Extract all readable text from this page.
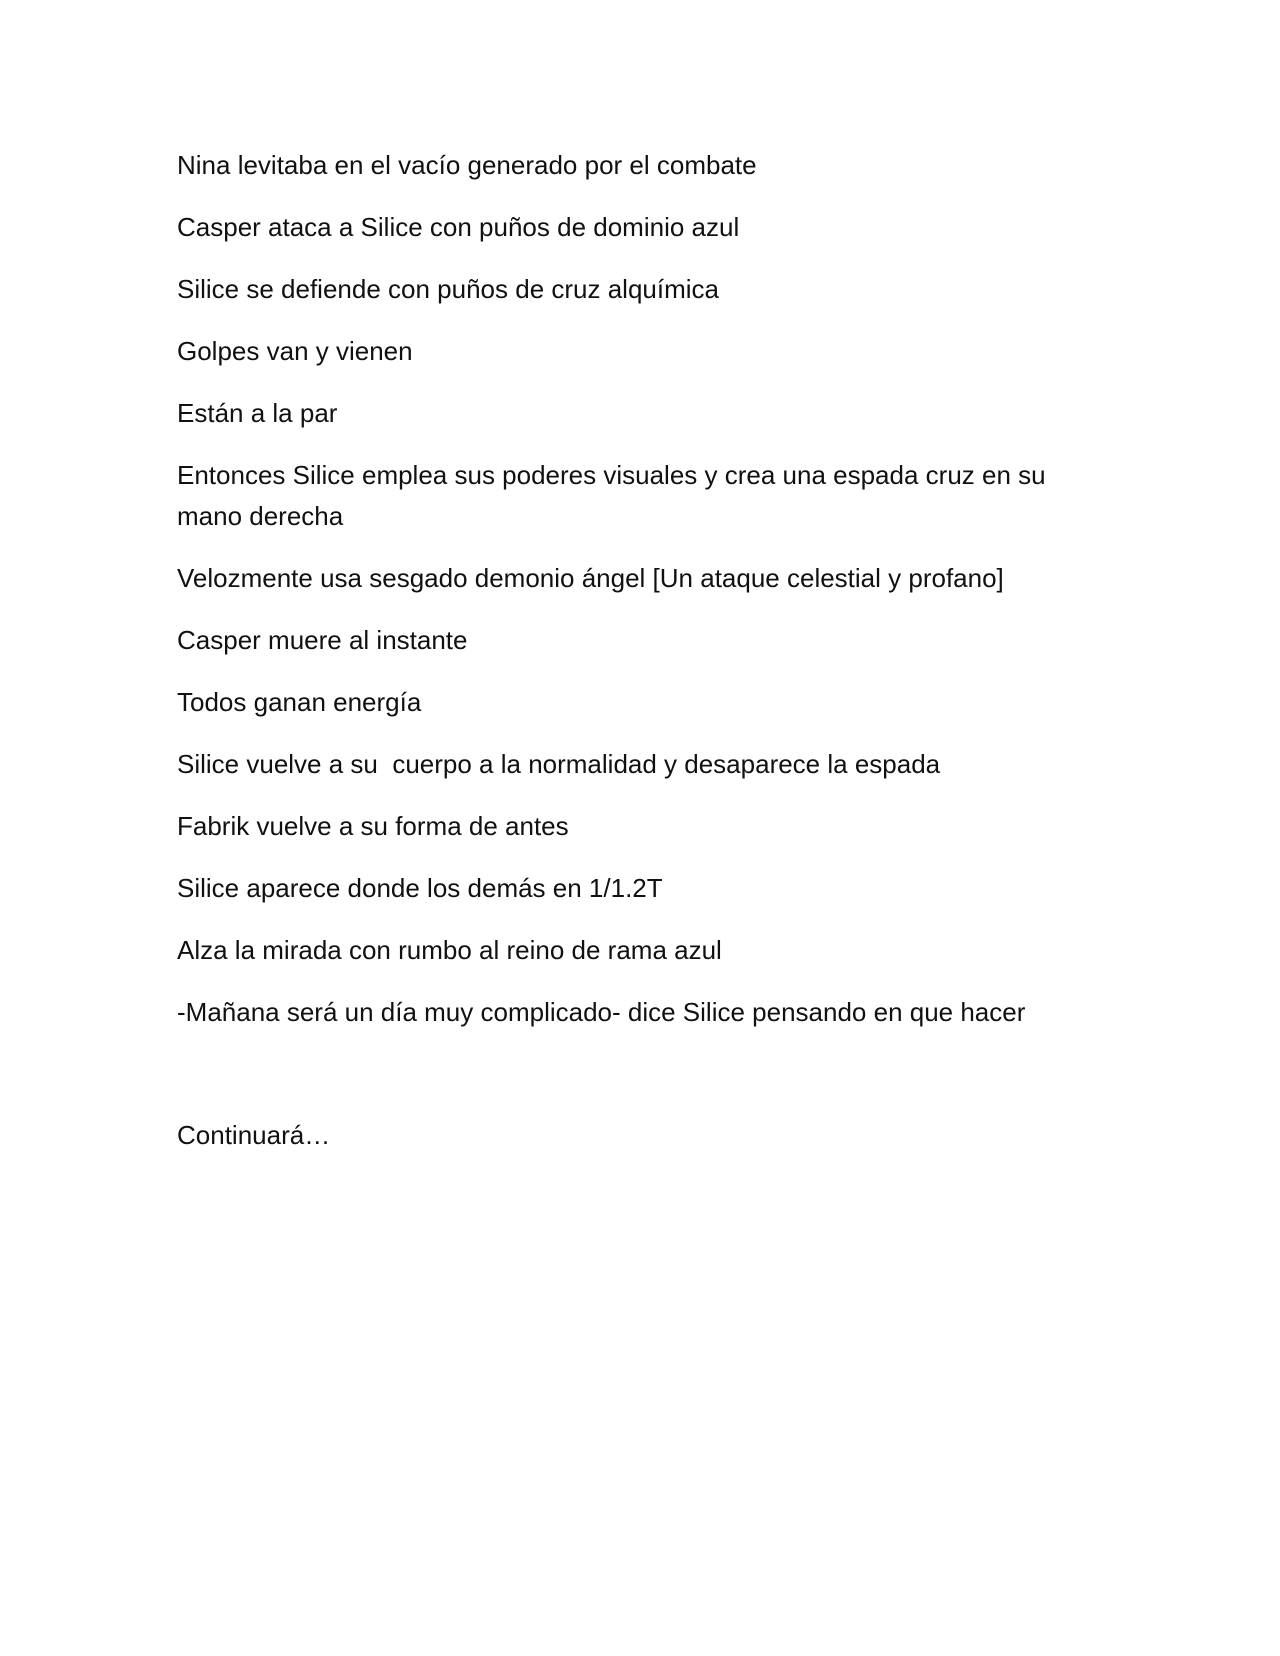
Nina levitaba en el vacío generado por el combate

Casper ataca a Silice con puños de dominio azul

Silice se defiende con puños de cruz alquímica

Golpes van y vienen

Están a la par

Entonces Silice emplea sus poderes visuales y crea una espada cruz en su mano derecha

Velozmente usa sesgado demonio ángel [Un ataque celestial y profano]

Casper muere al instante

Todos ganan energía

Silice vuelve a su  cuerpo a la normalidad y desaparece la espada

Fabrik vuelve a su forma de antes

Silice aparece donde los demás en 1/1.2T

Alza la mirada con rumbo al reino de rama azul

-Mañana será un día muy complicado- dice Silice pensando en que hacer

Continuará…
